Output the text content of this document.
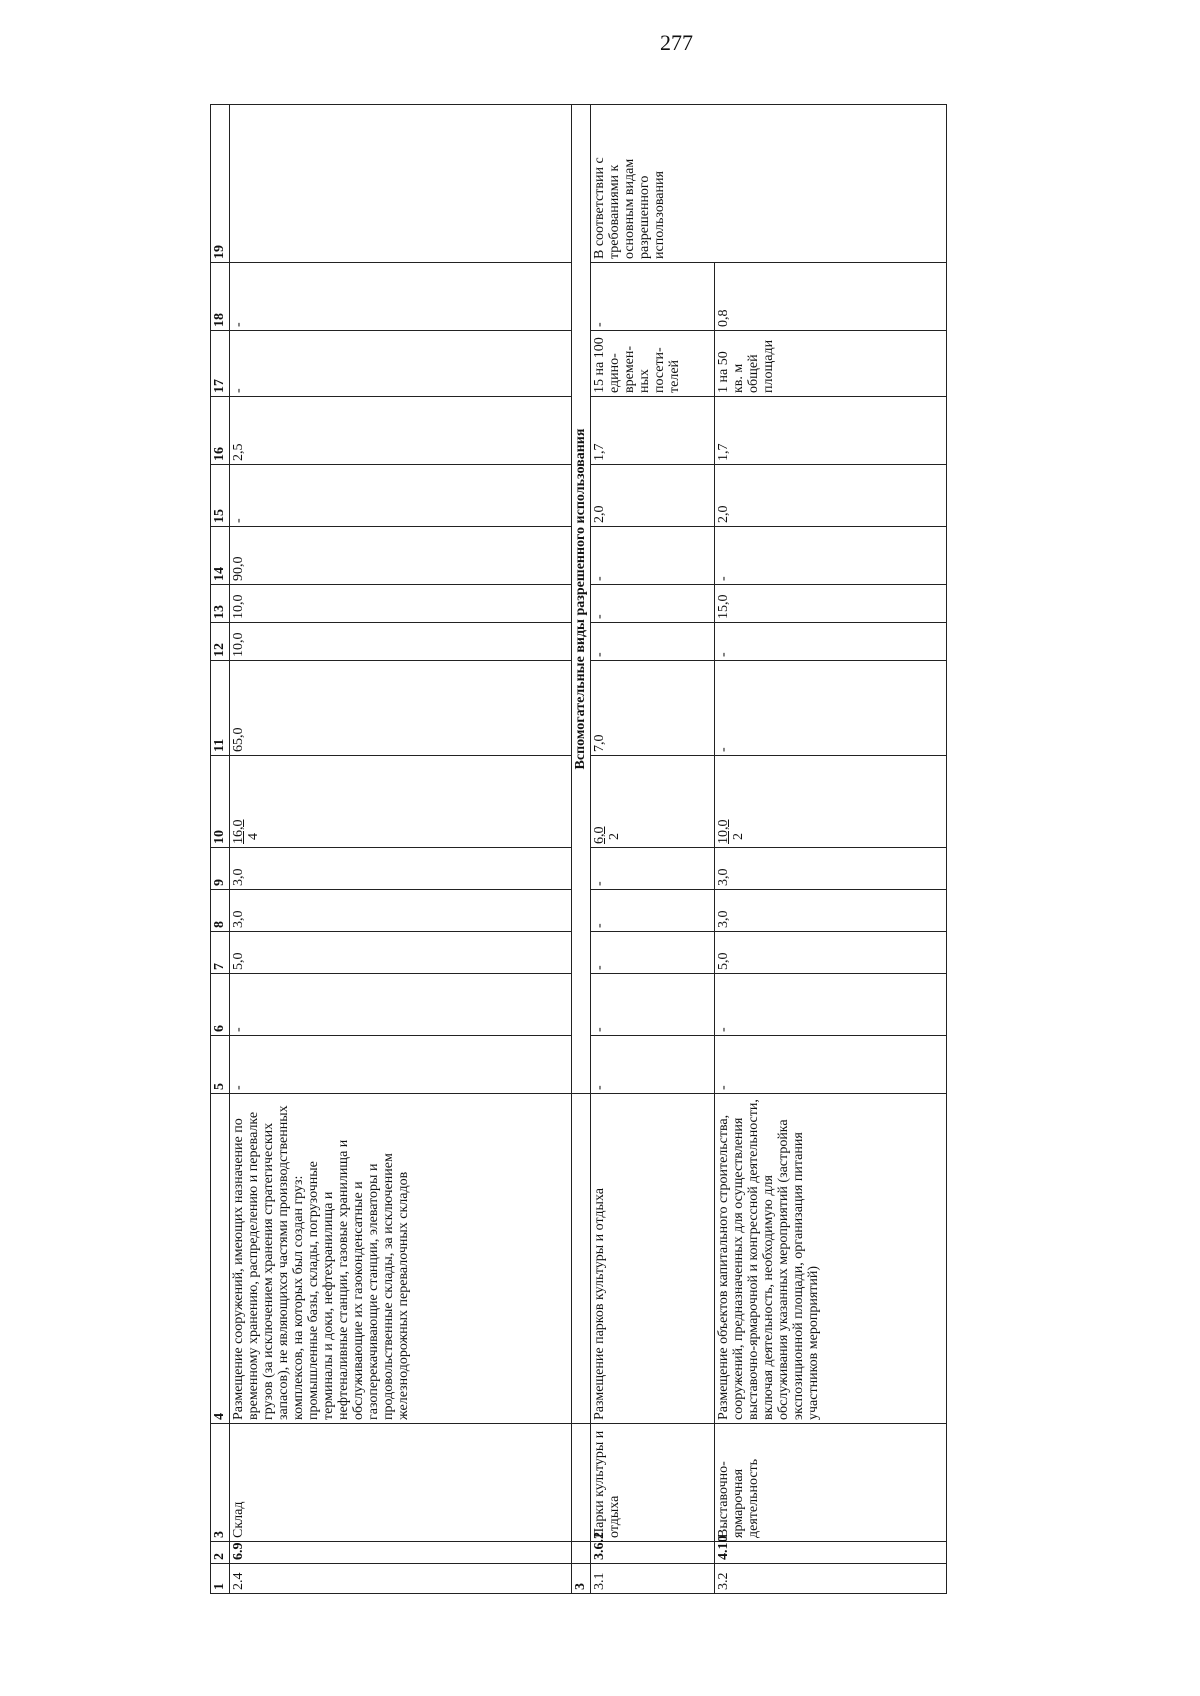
277
1	2	3	4	5	6	7	8	9	10	11	12	13	14	15	16	17	18	19
2.4	6.9	Склад	Размещение сооружений, имеющих назначение по временному хранению, распределению и перевалке грузов (за исключением хранения стратегических запасов), не являющихся частями производственных комплексов, на которых был создан груз: промышленные базы, склады, погрузочные терминалы и доки, нефтехранилища и нефтеналивные станции, газовые хранилища и обслуживающие их газоконденсатные и газоперекачивающие станции, элеваторы и продовольственные склады, за исключением железнодорожных перевалочных складов	-	-	5,0	3,0	3,0	16,0 4	65,0	10,0	10,0	90,0	-	2,5	-	-	
3				Вспомогательные виды разрешенного использования														
3.1	3.6.2	Парки культуры и отдыха	Размещение парков культуры и отдыха	-	-	-	-	-	6,0 2	7,0	-	-	-	2,0	1,7	15 на 100 едино-времен-ных посети-телей	-	В соответствии с требованиями к основным видам разрешенного использования
3.2	4.10	Выставочно-ярмарочная деятельность	Размещение объектов капитального строительства, сооружений, предназначенных для осуществления выставочно-ярмарочной и конгрессной деятельности, включая деятельность, необходимую для обслуживания указанных мероприятий (застройка экспозиционной площади, организация питания участников мероприятий)	-	-	5,0	3,0	3,0	10,0 2	-	-	15,0	-	2,0	1,7	1 на 50 кв. м общей площади	0,8	
